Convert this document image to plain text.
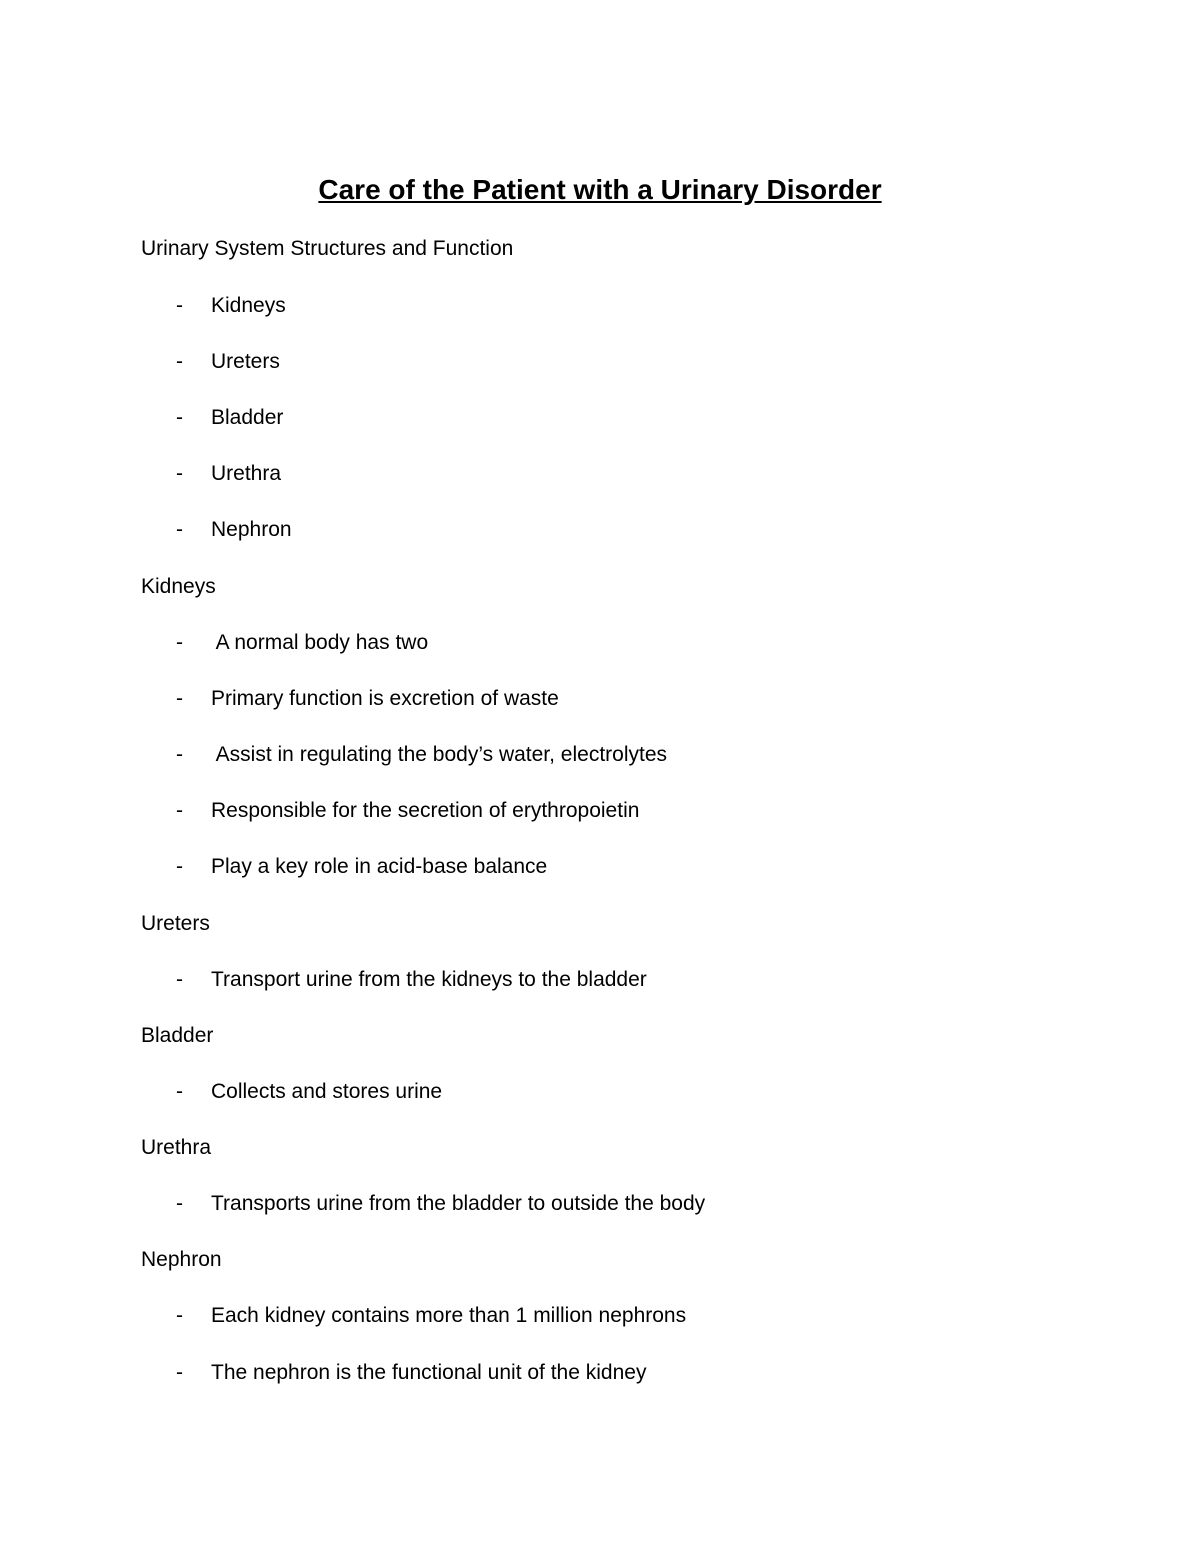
Care of the Patient with a Urinary Disorder
Urinary System Structures and Function
- Kidneys
- Ureters
- Bladder
- Urethra
- Nephron
Kidneys
- A normal body has two
- Primary function is excretion of waste
- Assist in regulating the body’s water, electrolytes
- Responsible for the secretion of erythropoietin
- Play a key role in acid-base balance
Ureters
- Transport urine from the kidneys to the bladder
Bladder
- Collects and stores urine
Urethra
- Transports urine from the bladder to outside the body
Nephron
- Each kidney contains more than 1 million nephrons
- The nephron is the functional unit of the kidney
